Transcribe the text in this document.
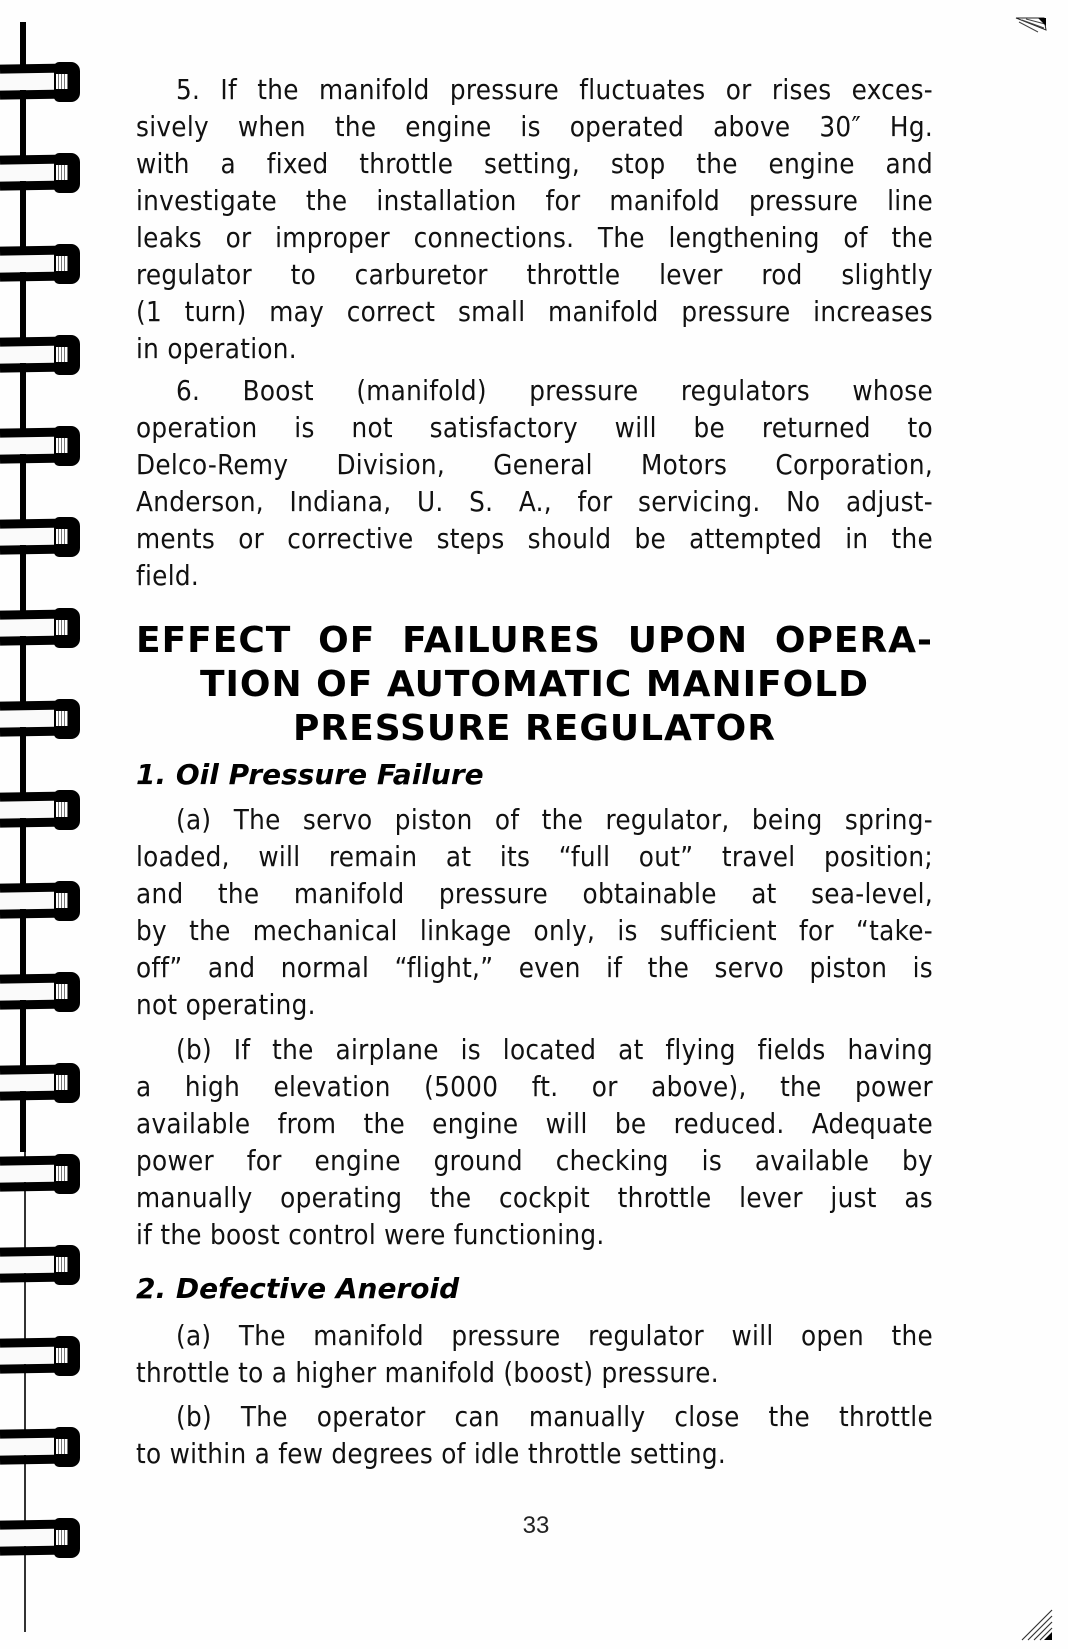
5. If the manifold pressure fluctuates or rises exces-
sively when the engine is operated above 30″ Hg.
with a fixed throttle setting, stop the engine and
investigate the installation for manifold pressure line
leaks or improper connections. The lengthening of the
regulator to carburetor throttle lever rod slightly
(1 turn) may correct small manifold pressure increases
in operation.
6. Boost (manifold) pressure regulators whose
operation is not satisfactory will be returned to
Delco-Remy Division, General Motors Corporation,
Anderson, Indiana, U. S. A., for servicing. No adjust-
ments or corrective steps should be attempted in the
field.
EFFECT OF FAILURES UPON OPERA-
TION OF AUTOMATIC MANIFOLD
PRESSURE REGULATOR
1. Oil Pressure Failure
(a) The servo piston of the regulator, being spring-
loaded, will remain at its “full out” travel position;
and the manifold pressure obtainable at sea-level,
by the mechanical linkage only, is sufficient for “take-
off” and normal “flight,” even if the servo piston is
not operating.
(b) If the airplane is located at flying fields having
a high elevation (5000 ft. or above), the power
available from the engine will be reduced. Adequate
power for engine ground checking is available by
manually operating the cockpit throttle lever just as
if the boost control were functioning.
2. Defective Aneroid
(a) The manifold pressure regulator will open the
throttle to a higher manifold (boost) pressure.
(b) The operator can manually close the throttle
to within a few degrees of idle throttle setting.
33
